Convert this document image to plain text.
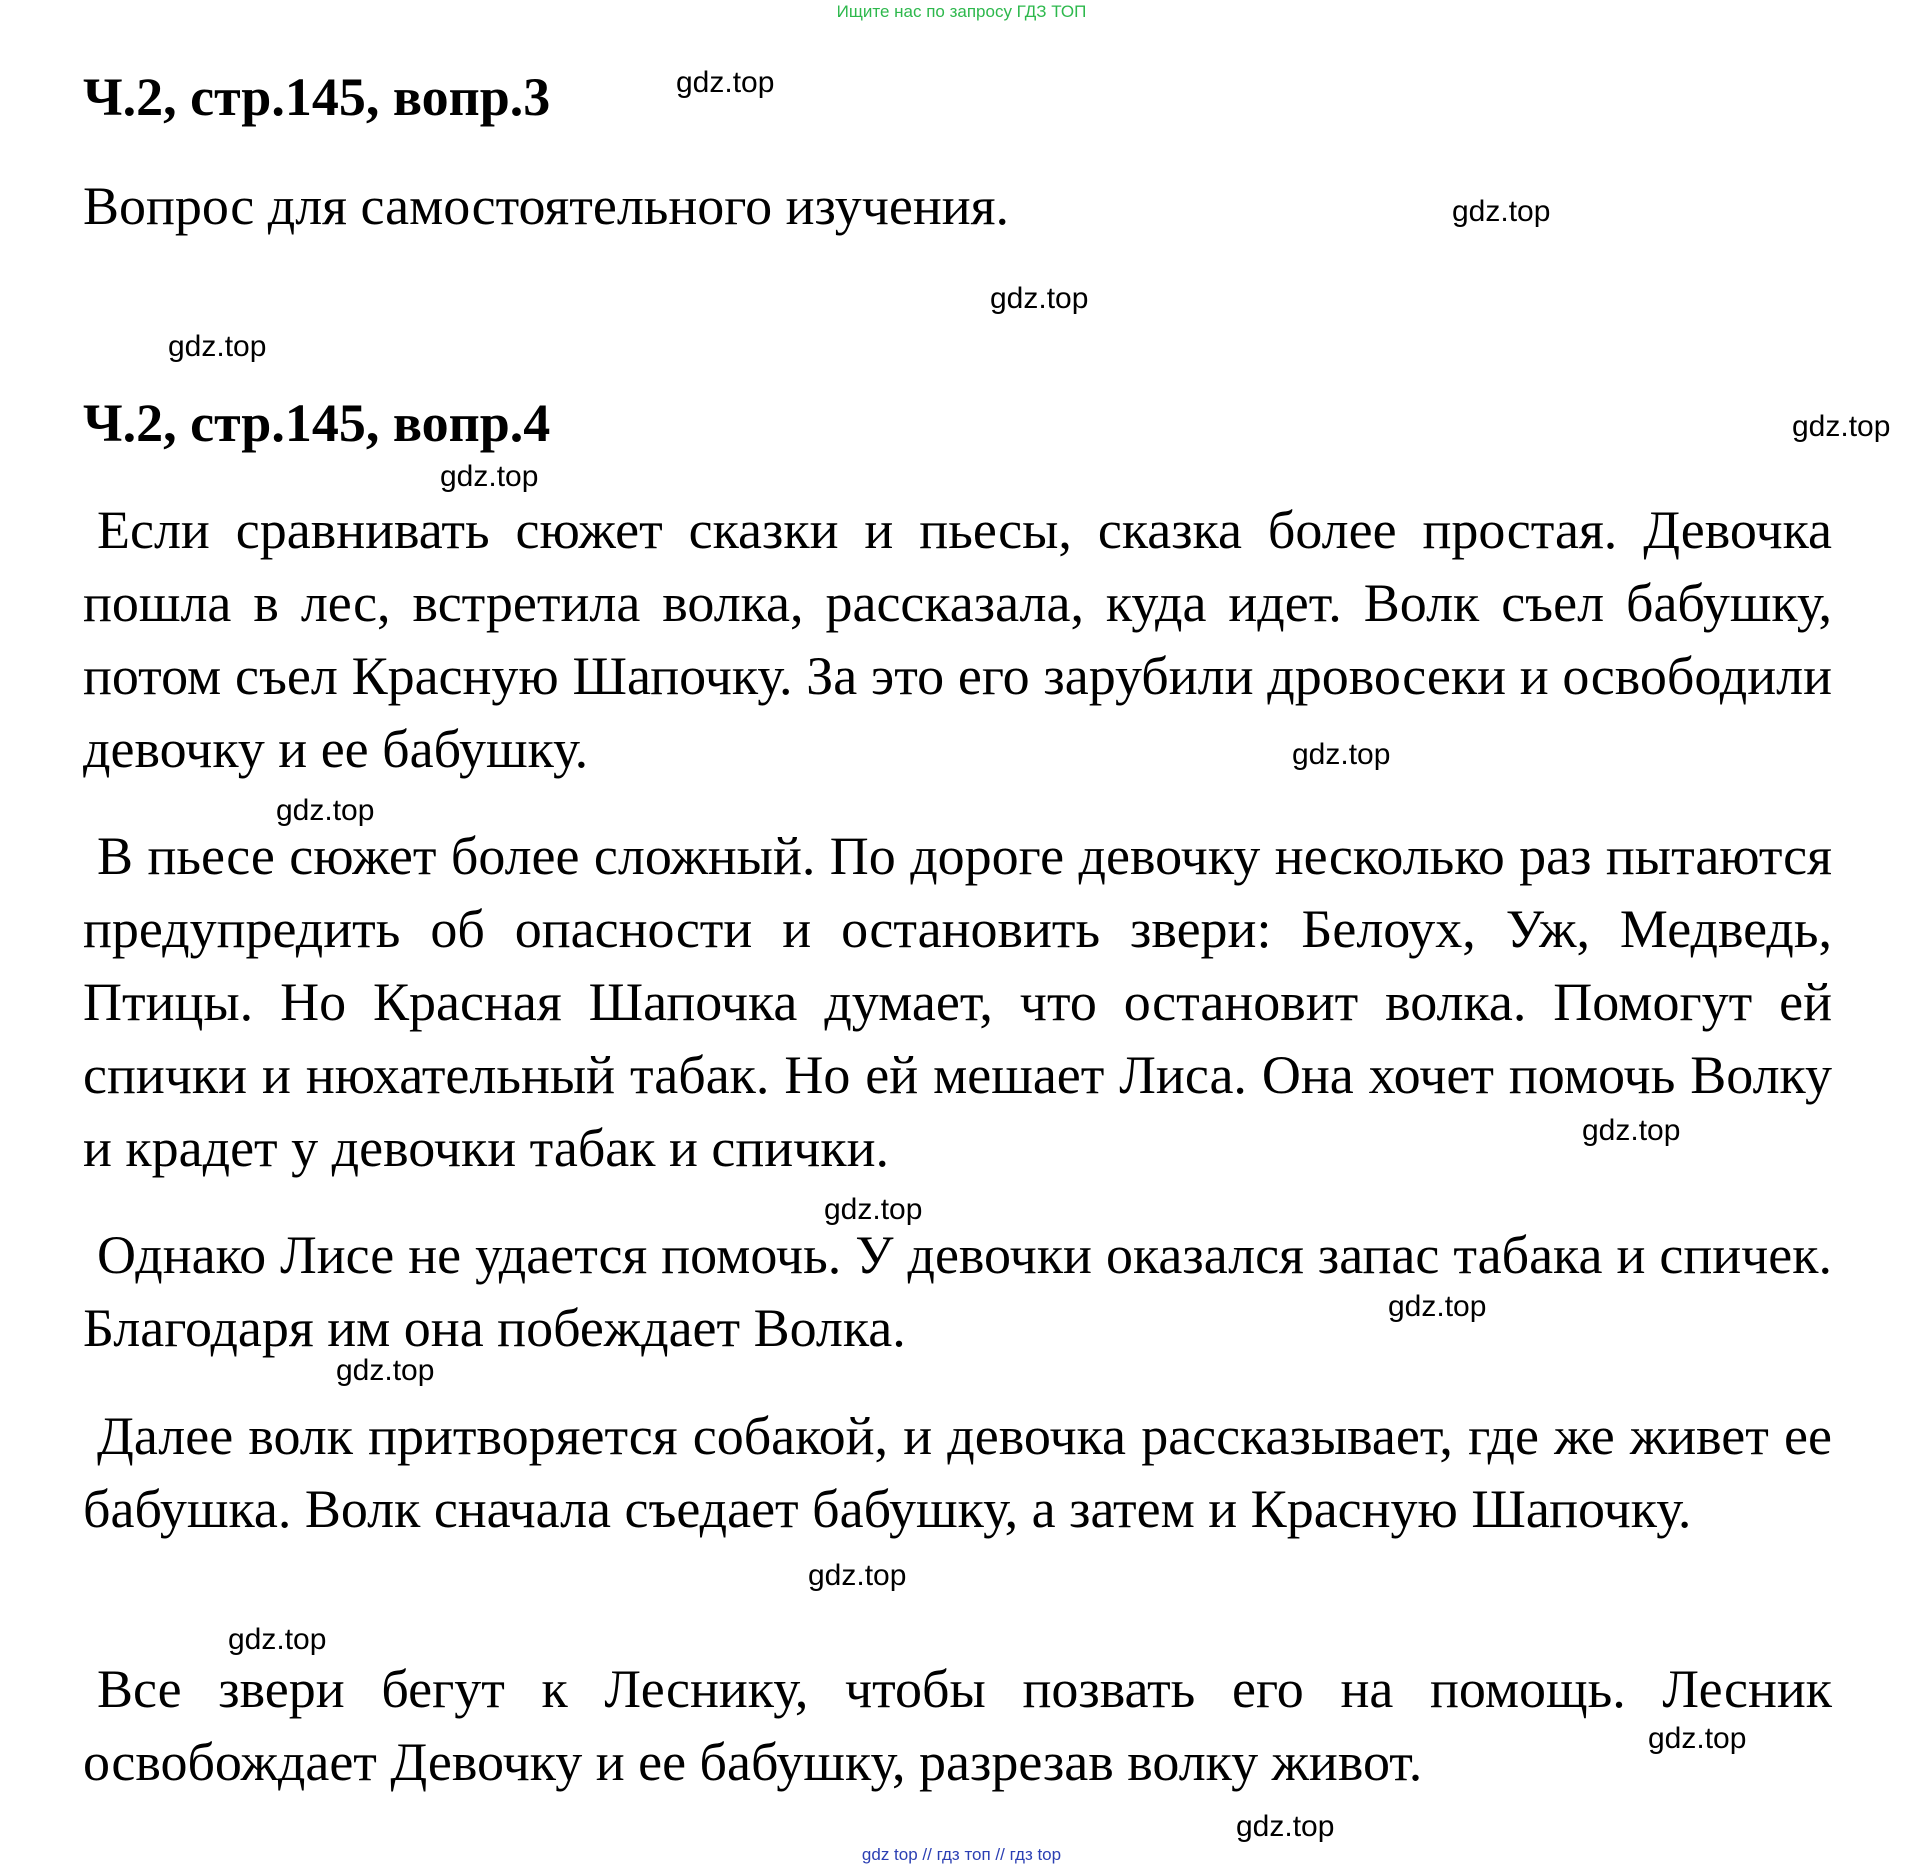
Ищите нас по запросу ГДЗ ТОП
Ч.2, стр.145, вопр.3

Вопрос для самостоятельного изучения.

Ч.2, стр.145, вопр.4

Если сравнивать сюжет сказки и пьесы, сказка более простая. Девочка пошла в лес, встретила волка, рассказала, куда идет. Волк съел бабушку, потом съел Красную Шапочку. За это его зарубили дровосеки и освободили девочку и ее бабушку.

В пьесе сюжет более сложный. По дороге девочку несколько раз пытаются предупредить об опасности и остановить звери: Белоух, Уж, Медведь, Птицы. Но Красная Шапочка думает, что остановит волка. Помогут ей спички и нюхательный табак. Но ей мешает Лиса. Она хочет помочь Волку и крадет у девочки табак и спички.

Однако Лисе не удается помочь. У девочки оказался запас табака и спичек. Благодаря им она побеждает Волка.

Далее волк притворяется собакой, и девочка рассказывает, где же живет ее бабушка. Волк сначала съедает бабушку, а затем и Красную Шапочку.

Все звери бегут к Леснику, чтобы позвать его на помощь. Лесник освобождает Девочку и ее бабушку, разрезав волку живот.

gdz.top
gdz.top
gdz.top
gdz.top
gdz.top
gdz.top
gdz.top
gdz.top
gdz.top
gdz.top
gdz.top
gdz.top
gdz.top
gdz.top
gdz.top
gdz.top
gdz top // гдз топ // гдз top
